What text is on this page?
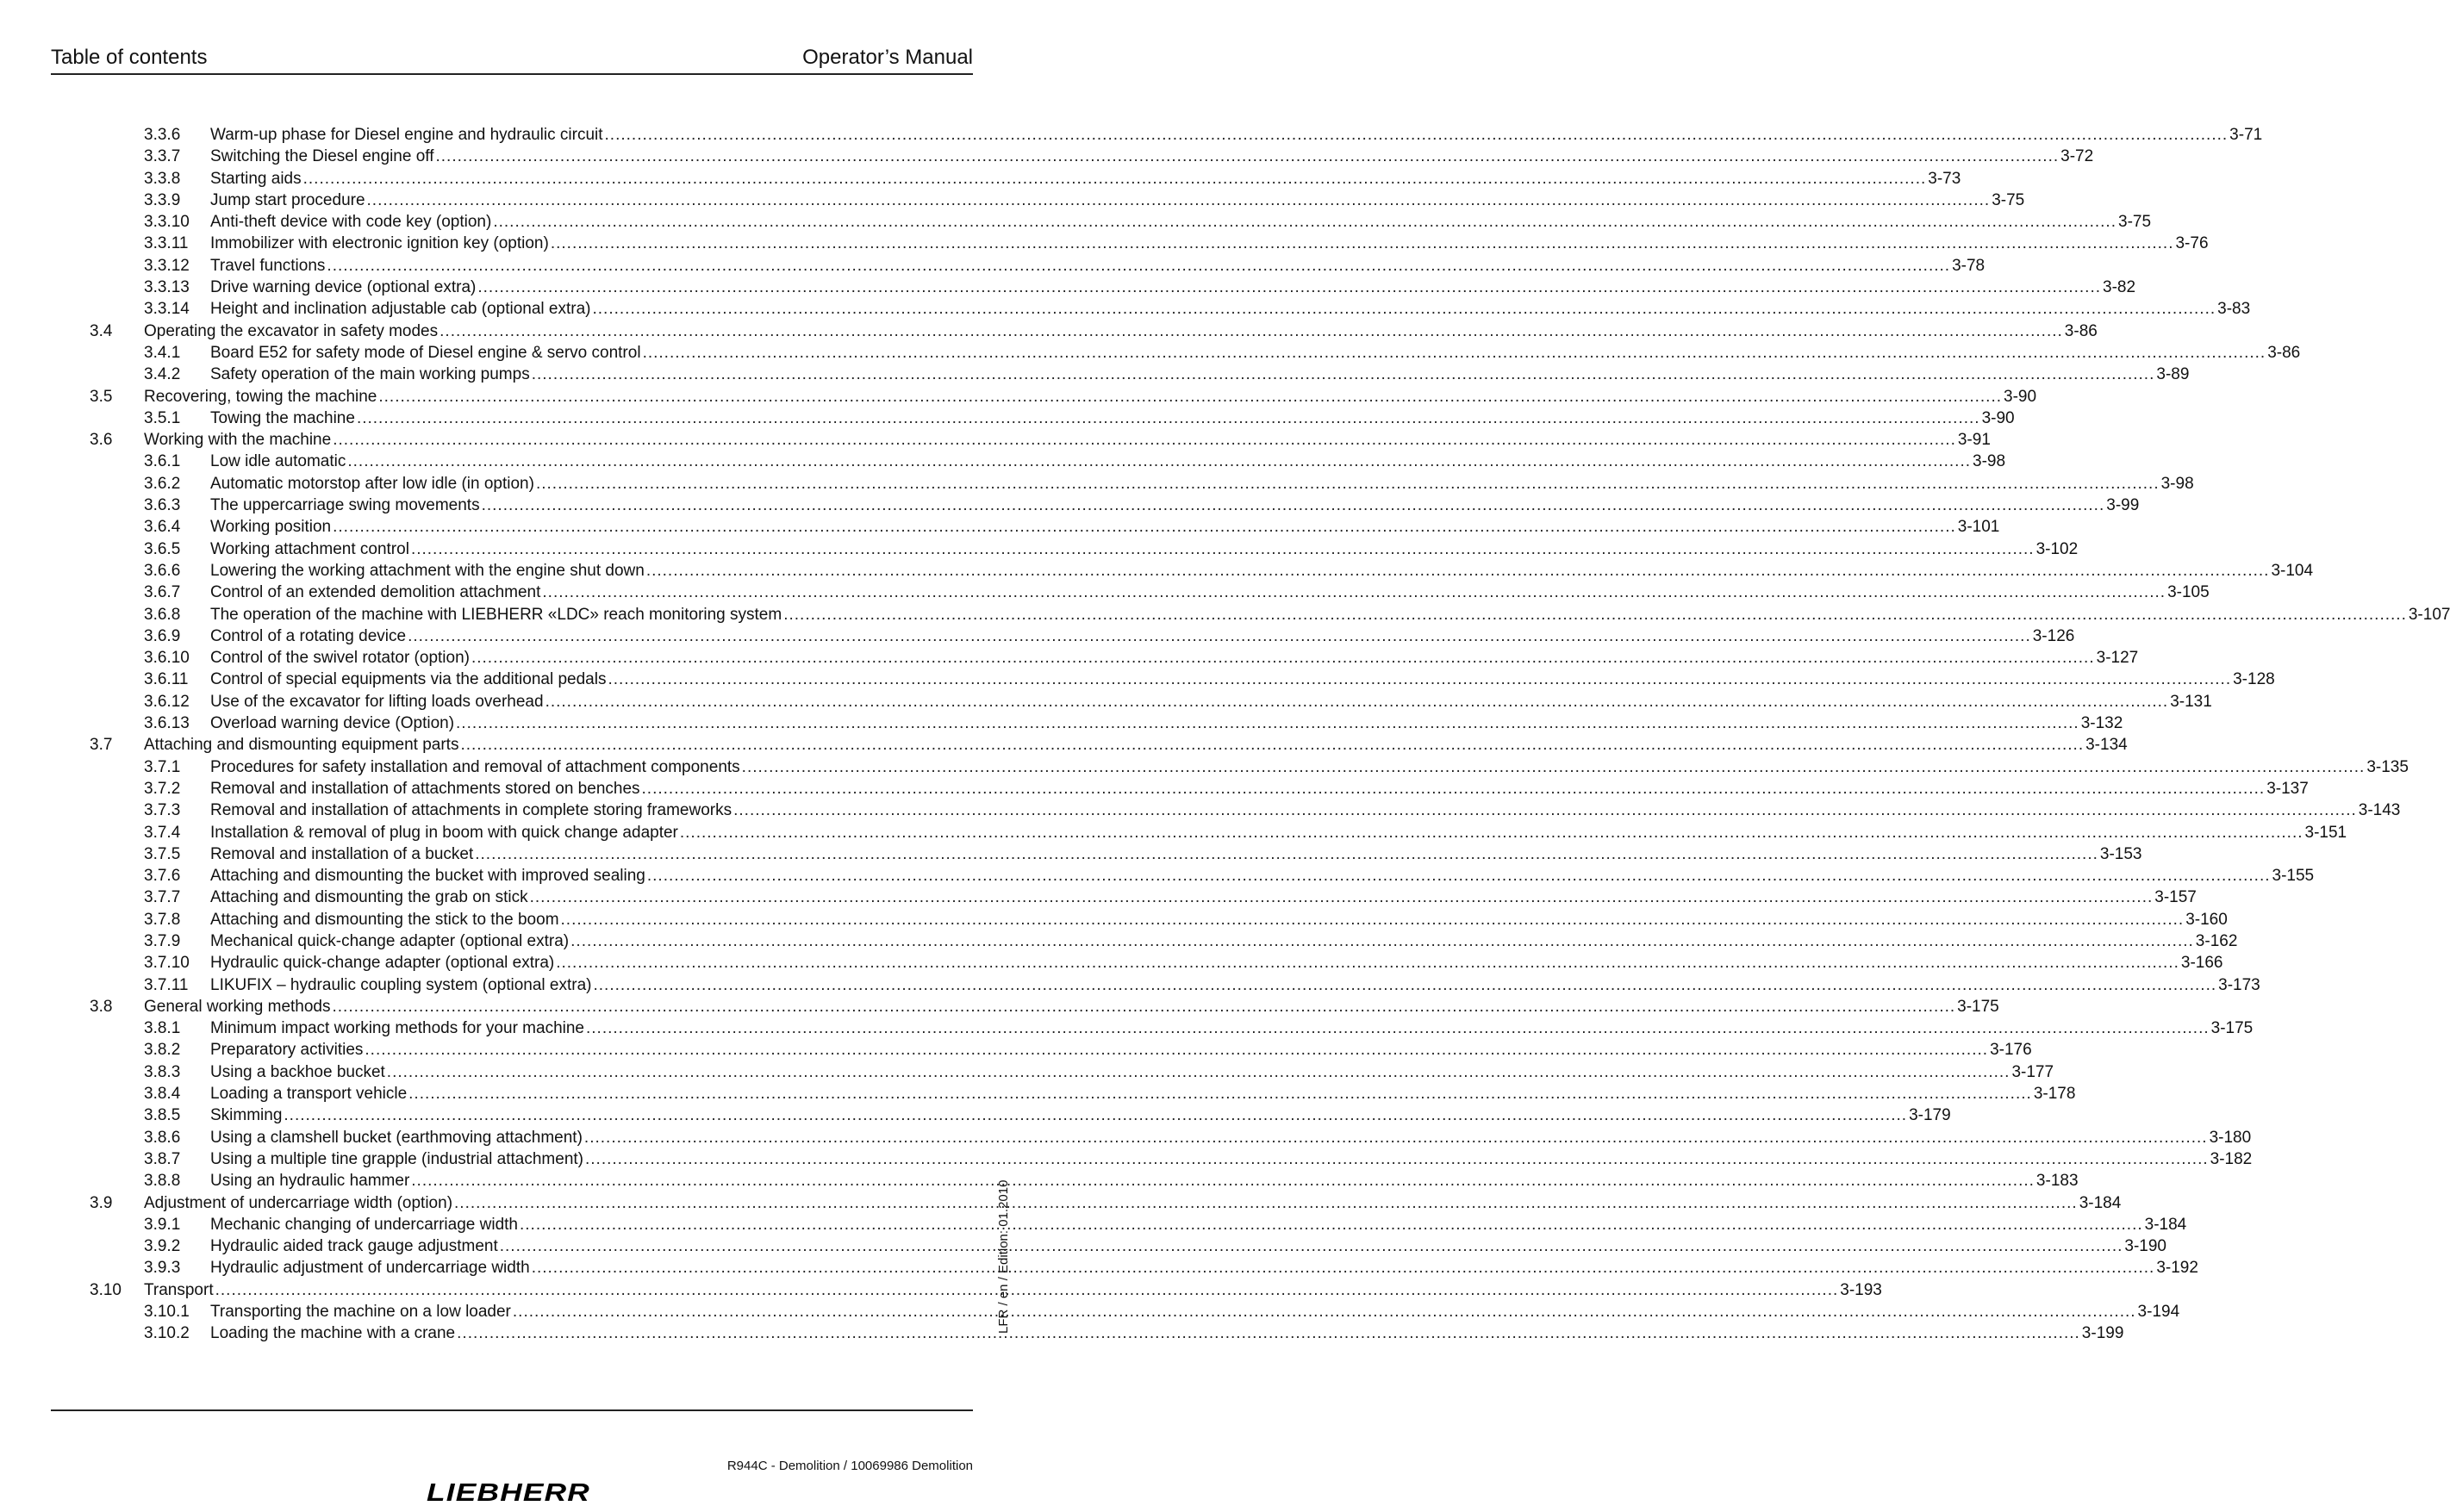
Table of contents	Operator’s Manual
3.3.6 Warm-up phase for Diesel engine and hydraulic circuit ............................................................................................................................................................................................................................................................................................................ 3-71
3.3.7 Switching the Diesel engine off ............................................................................................................................................................................................................................................................................................................ 3-72
3.3.8 Starting aids ............................................................................................................................................................................................................................................................................................................ 3-73
3.3.9 Jump start procedure ............................................................................................................................................................................................................................................................................................................ 3-75
3.3.10 Anti-theft device with code key (option) ............................................................................................................................................................................................................................................................................................................ 3-75
3.3.11 Immobilizer with electronic ignition key (option) ............................................................................................................................................................................................................................................................................................................ 3-76
3.3.12 Travel functions ............................................................................................................................................................................................................................................................................................................ 3-78
3.3.13 Drive warning device (optional extra) ............................................................................................................................................................................................................................................................................................................ 3-82
3.3.14 Height and inclination adjustable cab (optional extra) ............................................................................................................................................................................................................................................................................................................ 3-83
3.4 Operating the excavator in safety modes ............................................................................................................................................................................................................................................................................................................ 3-86
3.4.1 Board E52 for safety mode of Diesel engine & servo control ............................................................................................................................................................................................................................................................................................................ 3-86
3.4.2 Safety operation of the main working pumps ............................................................................................................................................................................................................................................................................................................ 3-89
3.5 Recovering, towing the machine ............................................................................................................................................................................................................................................................................................................ 3-90
3.5.1 Towing the machine ............................................................................................................................................................................................................................................................................................................ 3-90
3.6 Working with the machine ............................................................................................................................................................................................................................................................................................................ 3-91
3.6.1 Low idle automatic ............................................................................................................................................................................................................................................................................................................ 3-98
3.6.2 Automatic motorstop after low idle (in option) ............................................................................................................................................................................................................................................................................................................ 3-98
3.6.3 The uppercarriage swing movements ............................................................................................................................................................................................................................................................................................................ 3-99
3.6.4 Working position ............................................................................................................................................................................................................................................................................................................ 3-101
3.6.5 Working attachment control ............................................................................................................................................................................................................................................................................................................ 3-102
3.6.6 Lowering the working attachment with the engine shut down ............................................................................................................................................................................................................................................................................................................ 3-104
3.6.7 Control of an extended demolition attachment ............................................................................................................................................................................................................................................................................................................ 3-105
3.6.8 The operation of the machine with LIEBHERR «LDC» reach monitoring system ............................................................................................................................................................................................................................................................................................................ 3-107
3.6.9 Control of a rotating device ............................................................................................................................................................................................................................................................................................................ 3-126
3.6.10 Control of the swivel rotator (option) ............................................................................................................................................................................................................................................................................................................ 3-127
3.6.11 Control of special equipments via the additional pedals ............................................................................................................................................................................................................................................................................................................ 3-128
3.6.12 Use of the excavator for lifting loads overhead ............................................................................................................................................................................................................................................................................................................ 3-131
3.6.13 Overload warning device (Option) ............................................................................................................................................................................................................................................................................................................ 3-132
3.7 Attaching and dismounting equipment parts ............................................................................................................................................................................................................................................................................................................ 3-134
3.7.1 Procedures for safety installation and removal of attachment components ............................................................................................................................................................................................................................................................................................................ 3-135
3.7.2 Removal and installation of attachments stored on benches ............................................................................................................................................................................................................................................................................................................ 3-137
3.7.3 Removal and installation of attachments in complete storing frameworks ............................................................................................................................................................................................................................................................................................................ 3-143
3.7.4 Installation & removal of plug in boom with quick change adapter ............................................................................................................................................................................................................................................................................................................ 3-151
3.7.5 Removal and installation of a bucket ............................................................................................................................................................................................................................................................................................................ 3-153
3.7.6 Attaching and dismounting the bucket with improved sealing ............................................................................................................................................................................................................................................................................................................ 3-155
3.7.7 Attaching and dismounting the grab on stick ............................................................................................................................................................................................................................................................................................................ 3-157
3.7.8 Attaching and dismounting the stick to the boom ............................................................................................................................................................................................................................................................................................................ 3-160
3.7.9 Mechanical quick-change adapter (optional extra) ............................................................................................................................................................................................................................................................................................................ 3-162
3.7.10 Hydraulic quick-change adapter (optional extra) ............................................................................................................................................................................................................................................................................................................ 3-166
3.7.11 LIKUFIX – hydraulic coupling system (optional extra) ............................................................................................................................................................................................................................................................................................................ 3-173
3.8 General working methods ............................................................................................................................................................................................................................................................................................................ 3-175
3.8.1 Minimum impact working methods for your machine ............................................................................................................................................................................................................................................................................................................ 3-175
3.8.2 Preparatory activities ............................................................................................................................................................................................................................................................................................................ 3-176
3.8.3 Using a backhoe bucket ............................................................................................................................................................................................................................................................................................................ 3-177
3.8.4 Loading a transport vehicle ............................................................................................................................................................................................................................................................................................................ 3-178
3.8.5 Skimming ............................................................................................................................................................................................................................................................................................................ 3-179
3.8.6 Using a clamshell bucket (earthmoving attachment) ............................................................................................................................................................................................................................................................................................................ 3-180
3.8.7 Using a multiple tine grapple (industrial attachment) ............................................................................................................................................................................................................................................................................................................ 3-182
3.8.8 Using an hydraulic hammer ............................................................................................................................................................................................................................................................................................................ 3-183
3.9 Adjustment of undercarriage width (option) ............................................................................................................................................................................................................................................................................................................ 3-184
3.9.1 Mechanic changing of undercarriage width ............................................................................................................................................................................................................................................................................................................ 3-184
3.9.2 Hydraulic aided track gauge adjustment ............................................................................................................................................................................................................................................................................................................ 3-190
3.9.3 Hydraulic adjustment of undercarriage width ............................................................................................................................................................................................................................................................................................................ 3-192
3.10 Transport ............................................................................................................................................................................................................................................................................................................ 3-193
3.10.1 Transporting the machine on a low loader ............................................................................................................................................................................................................................................................................................................ 3-194
3.10.2 Loading the machine with a crane ............................................................................................................................................................................................................................................................................................................ 3-199
LFR / en / Edition: 01.2010
R944C - Demolition / 10069986 Demolition
LIEBHERR
